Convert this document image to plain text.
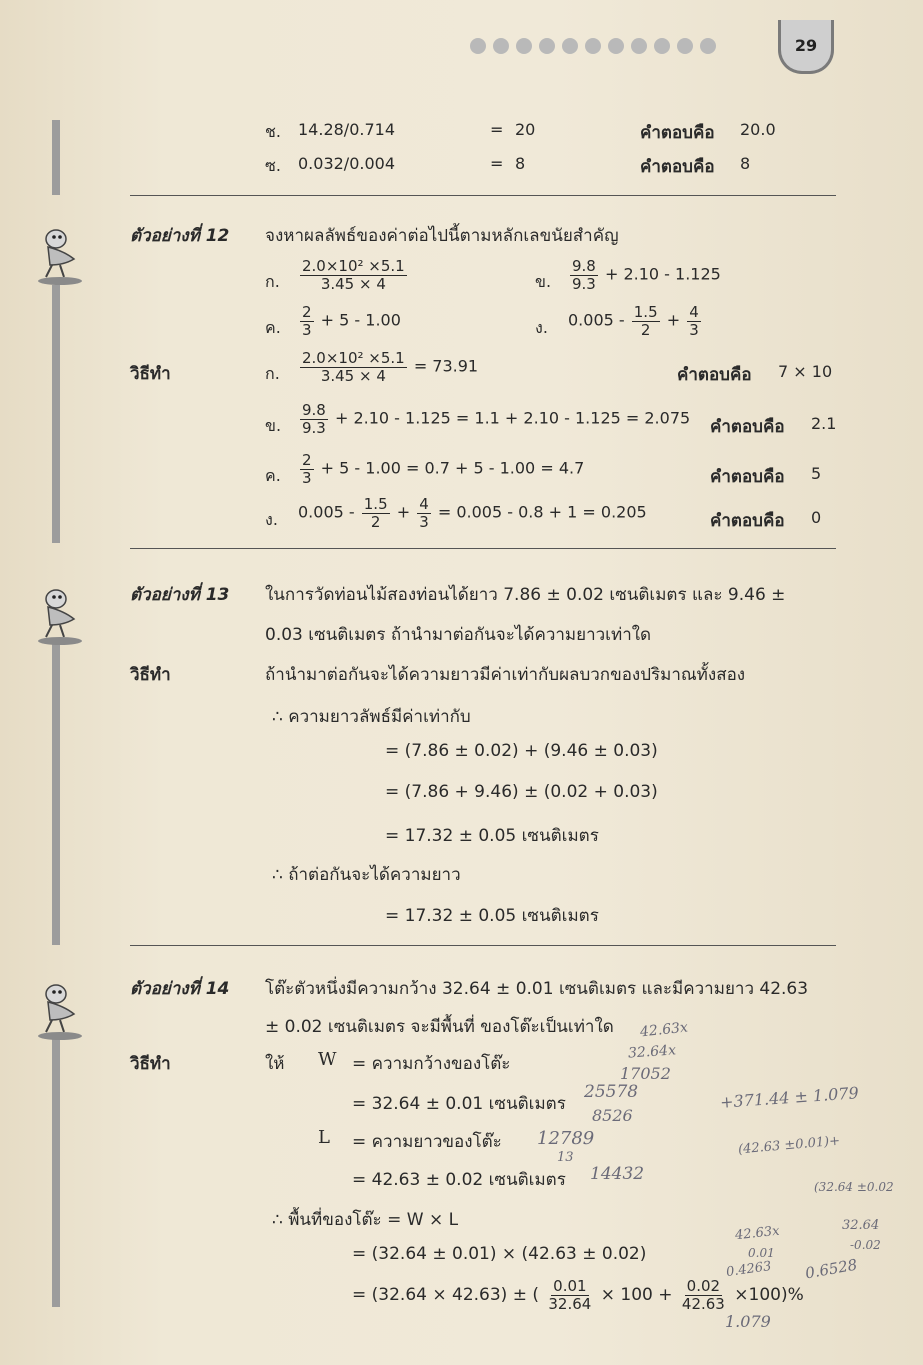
29
ช. 14.28/0.714	= 20	คำตอบคือ 20.0
ซ. 0.032/0.004	= 8	คำตอบคือ 8
ตัวอย่างที่ 12 จงหาผลลัพธ์ของค่าต่อไปนี้ตามหลักเลขนัยสำคัญ
ก. $\frac{\text{2.0×10² ×5.1}}{3.45 \times 4}$	ข. $\frac{9.8}{9.3} + 2.10 - 1.125$
ค. $\frac{2}{3} + 5 - 1.00$	ง. $0.005 - \frac{1.5}{2} + \frac{4}{3}$
วิธีทำ	ก. $\frac{\text{2.0×10² ×5.1}}{3.45 \times 4} = 73.91$	คำตอบคือ 7 × 10
ข. $\frac{9.8}{9.3} + 2.10 - 1.125 = 1.1 + 2.10 - 1.125 = 2.075$ คำตอบคือ 2.1
ค. $\frac{2}{3} + 5 - 1.00 = 0.7 + 5 - 1.00 = 4.7$	คำตอบคือ 5
ง. $0.005 - \frac{1.5}{2} + \frac{4}{3} = 0.005 - 0.8 + 1 = 0.205$	คำตอบคือ 0
ตัวอย่างที่ 13 ในการวัดท่อนไม้สองท่อนได้ยาว 7.86 ± 0.02 เซนติเมตร และ 9.46 ±
0.03 เซนติเมตร ถ้านำมาต่อกันจะได้ความยาวเท่าใด
วิธีทำ	ถ้านำมาต่อกันจะได้ความยาวมีค่าเท่ากับผลบวกของปริมาณทั้งสอง
∴ ความยาวลัพธ์มีค่าเท่ากับ
= (7.86 ± 0.02) + (9.46 ± 0.03)
= (7.86 + 9.46) ± (0.02 + 0.03)
= 17.32 ± 0.05 เซนติเมตร
∴ ถ้าต่อกันจะได้ความยาว
= 17.32 ± 0.05 เซนติเมตร
ตัวอย่างที่ 14 โต๊ะตัวหนึ่งมีความกว้าง 32.64 ± 0.01 เซนติเมตร และมีความยาว 42.63
± 0.02 เซนติเมตร จะมีพื้นที่ ของโต๊ะเป็นเท่าใด
วิธีทำ	ให้ W = ความกว้างของโต๊ะ
= 32.64 ± 0.01 เซนติเมตร
L = ความยาวของโต๊ะ
= 42.63 ± 0.02 เซนติเมตร
∴ พื้นที่ของโต๊ะ = W × L
= (32.64 ± 0.01) × (42.63 ± 0.02)
= (32.64 × 42.63) ± ( $\frac{0.01}{32.64} \times 100 + \frac{0.02}{42.63} \times 100)\%$
42.63x
32.64x
17052
25578
8526
12789
13
14432
+371.44 ± 1.079
(42.63 ±0.01)+
(32.64 ±0.02
42.63x
0.01
0.4263
32.64
-0.02
0.6528
1.079
